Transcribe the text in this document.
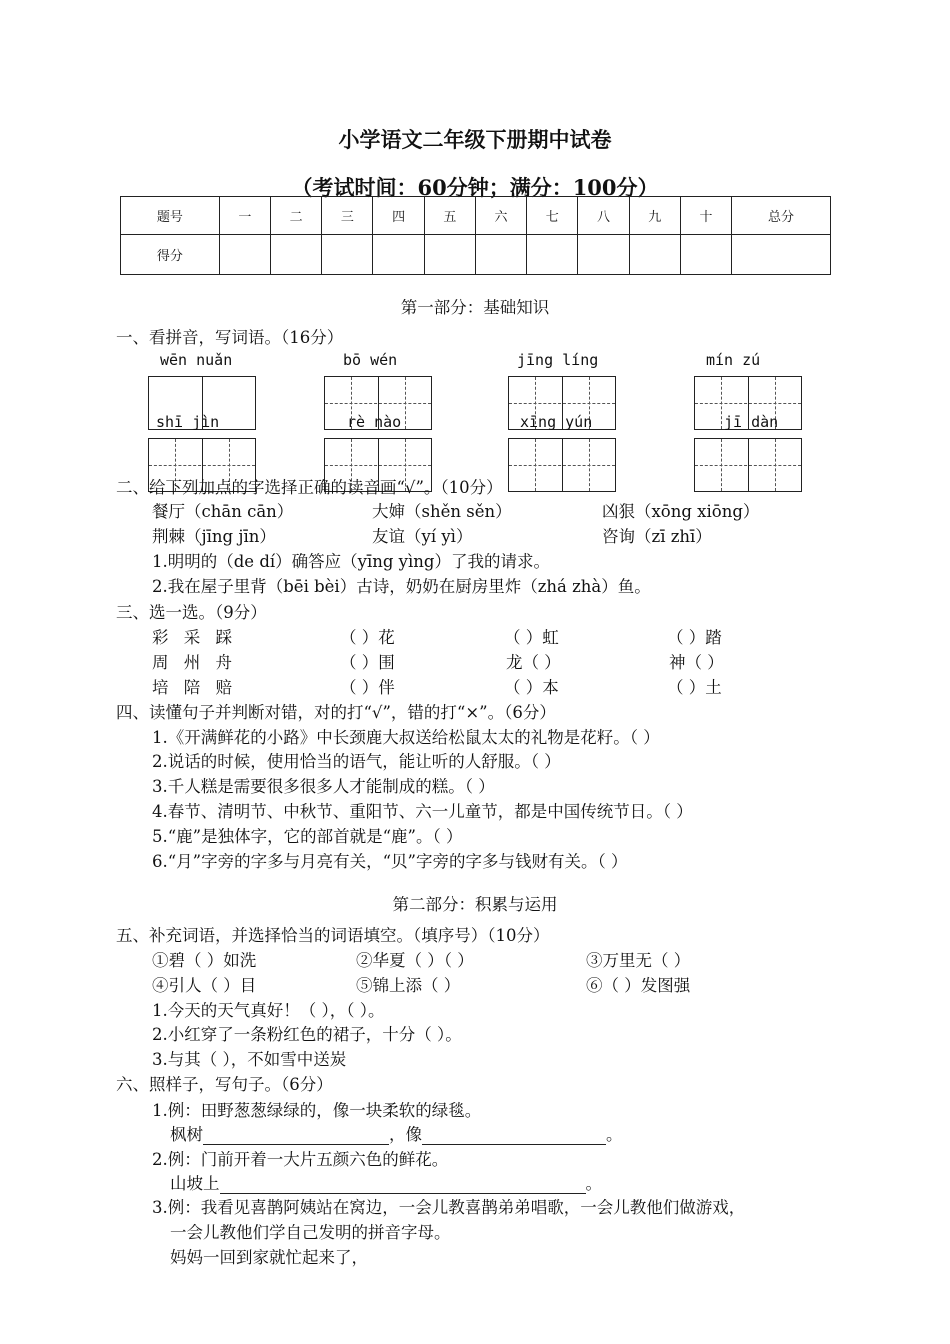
小学语文二年级下册期中试卷
（考试时间：60分钟；满分：100分）
题号	一	二	三	四	五	六	七	八	九	十	总分
得分											
第一部分：基础知识
一、看拼音，写词语。（16分）
wēn nuǎn	bō wén	jīng líng	mín zú
shī jìn	rè nào	xīng yún	jī dàn
二、给下列加点的字选择正确的读音画“√”。（10分）
餐厅（chān cān）	大婶（shěn sěn）	凶狠（xōng xiōng）
荆棘（jīng jīn）	友谊（yí yì）	咨询（zī zhī）
1.明明的（de dí）确答应（yīng yìng）了我的请求。
2.我在屋子里背（bēi bèi）古诗，奶奶在厨房里炸（zhá zhà）鱼。
三、选一选。（9分）
彩 采 踩	（ ）花	（ ）虹	（ ）踏
周 州 舟	（ ）围	龙（ ）	神（ ）
培 陪 赔	（ ）伴	（ ）本	（ ）土
四、读懂句子并判断对错，对的打“√”，错的打“×”。（6分）
1.《开满鲜花的小路》中长颈鹿大叔送给松鼠太太的礼物是花籽。（ ）
2.说话的时候，使用恰当的语气，能让听的人舒服。（ ）
3.千人糕是需要很多很多人才能制成的糕。（ ）
4.春节、清明节、中秋节、重阳节、六一儿童节，都是中国传统节日。（ ）
5.“鹿”是独体字，它的部首就是“鹿”。（ ）
6.“月”字旁的字多与月亮有关，“贝”字旁的字多与钱财有关。（ ）
第二部分：积累与运用
五、补充词语，并选择恰当的词语填空。（填序号）（10分）
①碧（ ）如洗	②华夏（ ）（ ）	③万里无（ ）
④引人（ ）目	⑤锦上添（ ）	⑥（ ）发图强
1.今天的天气真好！（ ），（ ）。
2.小红穿了一条粉红色的裙子，十分（ ）。
3.与其（ ），不如雪中送炭
六、照样子，写句子。（6分）
1.例：田野葱葱绿绿的，像一块柔软的绿毯。
枫树	，像	。
2.例：门前开着一大片五颜六色的鲜花。
山坡上	。
3.例：我看见喜鹊阿姨站在窝边，一会儿教喜鹊弟弟唱歌，一会儿教他们做游戏，
一会儿教他们学自己发明的拼音字母。
妈妈一回到家就忙起来了，
